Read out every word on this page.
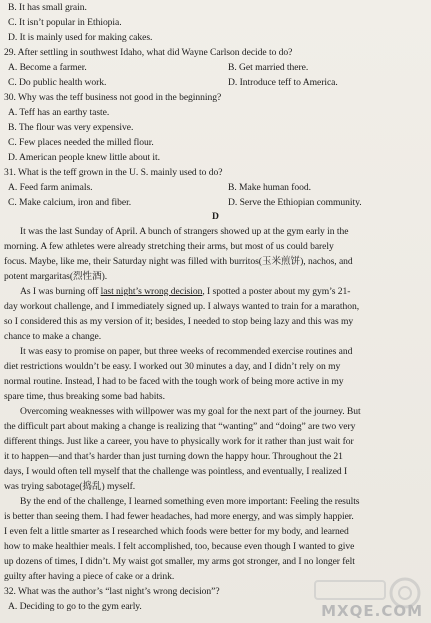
B. It has small grain.
C. It isn’t popular in Ethiopia.
D. It is mainly used for making cakes.
29. After settling in southwest Idaho, what did Wayne Carlson decide to do?
A. Become a farmer.	B. Get married there.
C. Do public health work.	D. Introduce teff to America.
30. Why was the teff business not good in the beginning?
A. Teff has an earthy taste.
B. The flour was very expensive.
C. Few places needed the milled flour.
D. American people knew little about it.
31. What is the teff grown in the U. S. mainly used to do?
A. Feed farm animals.	B. Make human food.
C. Make calcium, iron and fiber.	D. Serve the Ethiopian community.
D
It was the last Sunday of April. A bunch of strangers showed up at the gym early in the
morning. A few athletes were already stretching their arms, but most of us could barely
focus. Maybe, like me, their Saturday night was filled with burritos(玉米煎饼), nachos, and
potent margaritas(烈性酒).
As I was burning off last night’s wrong decision, I spotted a poster about my gym’s 21-
day workout challenge, and I immediately signed up. I always wanted to train for a marathon,
so I considered this as my version of it; besides, I needed to stop being lazy and this was my
chance to make a change.
It was easy to promise on paper, but three weeks of recommended exercise routines and
diet restrictions wouldn’t be easy. I worked out 30 minutes a day, and I didn’t rely on my
normal routine. Instead, I had to be faced with the tough work of being more active in my
spare time, thus breaking some bad habits.
Overcoming weaknesses with willpower was my goal for the next part of the journey. But
the difficult part about making a change is realizing that “wanting” and “doing” are two very
different things. Just like a career, you have to physically work for it rather than just wait for
it to happen—and that’s harder than just turning down the happy hour. Throughout the 21
days, I would often tell myself that the challenge was pointless, and eventually, I realized I
was trying sabotage(捣乱) myself.
By the end of the challenge, I learned something even more important: Feeling the results
is better than seeing them. I had fewer headaches, had more energy, and was simply happier.
I even felt a little smarter as I researched which foods were better for my body, and learned
how to make healthier meals. I felt accomplished, too, because even though I wanted to give
up dozens of times, I didn’t. My waist got smaller, my arms got stronger, and I no longer felt
guilty after having a piece of cake or a drink.
32. What was the author’s “last night’s wrong decision”?
A. Deciding to go to the gym early.	MXQE.COM
